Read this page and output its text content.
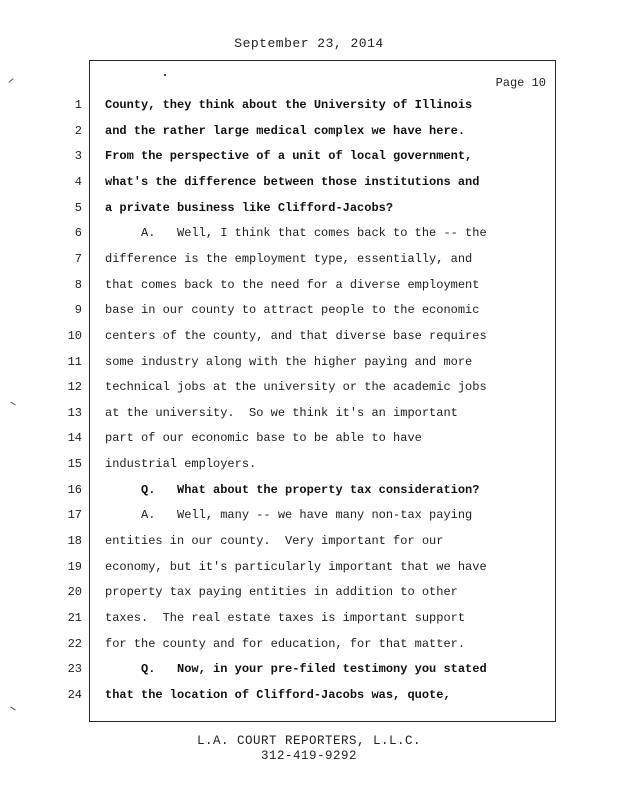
September 23, 2014
Page 10
1 County, they think about the University of Illinois
2 and the rather large medical complex we have here.
3 From the perspective of a unit of local government,
4 what's the difference between those institutions and
5 a private business like Clifford-Jacobs?
6 A.   Well, I think that comes back to the -- the
7 difference is the employment type, essentially, and
8 that comes back to the need for a diverse employment
9 base in our county to attract people to the economic
10 centers of the county, and that diverse base requires
11 some industry along with the higher paying and more
12 technical jobs at the university or the academic jobs
13 at the university.  So we think it's an important
14 part of our economic base to be able to have
15 industrial employers.
16 Q.   What about the property tax consideration?
17 A.   Well, many -- we have many non-tax paying
18 entities in our county.  Very important for our
19 economy, but it's particularly important that we have
20 property tax paying entities in addition to other
21 taxes.  The real estate taxes is important support
22 for the county and for education, for that matter.
23 Q.   Now, in your pre-filed testimony you stated
24 that the location of Clifford-Jacobs was, quote,
L.A. COURT REPORTERS, L.L.C.
312-419-9292
